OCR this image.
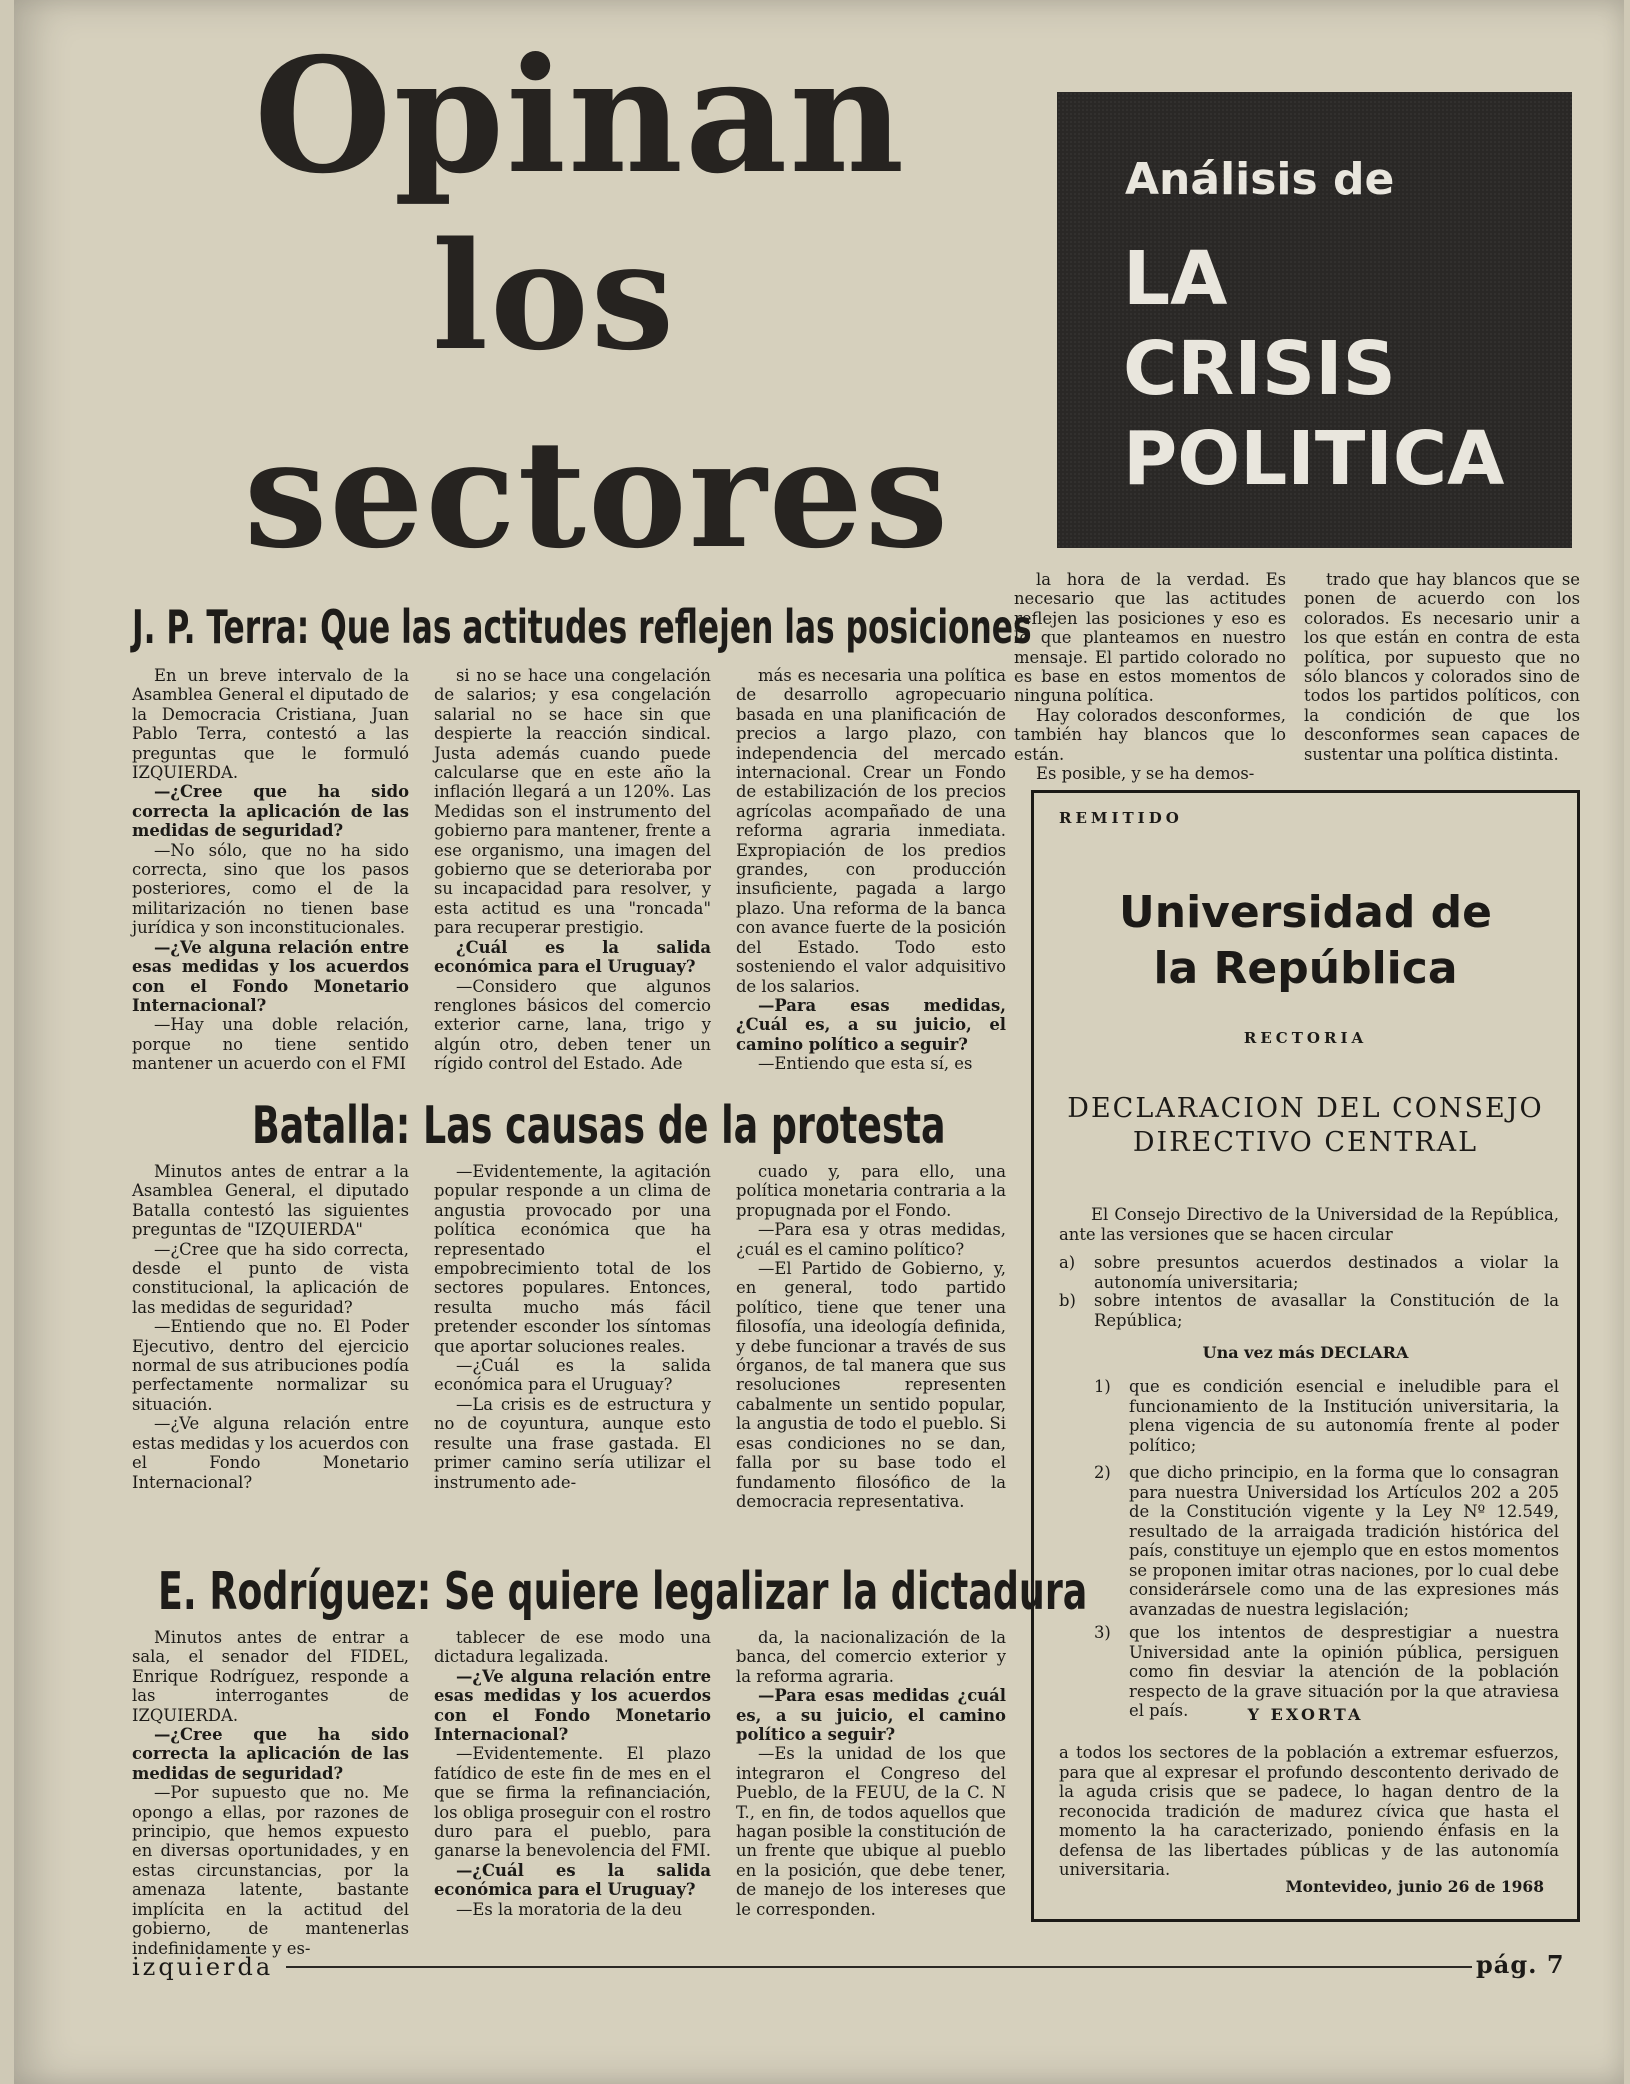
Opinan
los
sectores
Análisis de
LA
CRISIS
POLITICA
J. P. Terra: Que las actitudes reflejen las posiciones

En un breve intervalo de la Asamblea General el diputado de la Democracia Cristiana, Juan Pablo Terra, contestó a las preguntas que le formuló IZQUIERDA.

—¿Cree que ha sido correcta la aplicación de las medidas de seguridad?

—No sólo, que no ha sido correcta, sino que los pasos posteriores, como el de la militarización no tienen base jurídica y son inconstitucionales.

—¿Ve alguna relación entre esas medidas y los acuerdos con el Fondo Monetario Internacional?

—Hay una doble relación, porque no tiene sentido mantener un acuerdo con el FMI

si no se hace una congelación de salarios; y esa congelación salarial no se hace sin que despierte la reacción sindical. Justa además cuando puede calcularse que en este año la inflación llegará a un 120%. Las Medidas son el instrumento del gobierno para mantener, frente a ese organismo, una imagen del gobierno que se deterioraba por su incapacidad para resolver, y esta actitud es una "roncada" para recuperar prestigio.

¿Cuál es la salida económica para el Uruguay?

—Considero que algunos renglones básicos del comercio exterior carne, lana, trigo y algún otro, deben tener un rígido control del Estado. Ade

más es necesaria una política de desarrollo agropecuario basada en una planificación de precios a largo plazo, con independencia del mercado internacional. Crear un Fondo de estabilización de los precios agrícolas acompañado de una reforma agraria inmediata. Expropiación de los predios grandes, con producción insuficiente, pagada a largo plazo. Una reforma de la banca con avance fuerte de la posición del Estado. Todo esto sosteniendo el valor adquisitivo de los salarios.

—Para esas medidas, ¿Cuál es, a su juicio, el camino político a seguir?

—Entiendo que esta sí, es

la hora de la verdad. Es necesario que las actitudes reflejen las posiciones y eso es lo que planteamos en nuestro mensaje. El partido colorado no es base en estos momentos de ninguna política.

Hay colorados desconformes, también hay blancos que lo están.

Es posible, y se ha demos-

trado que hay blancos que se ponen de acuerdo con los colorados. Es necesario unir a los que están en contra de esta política, por supuesto que no sólo blancos y colorados sino de todos los partidos políticos, con la condición de que los desconformes sean capaces de sustentar una política distinta.

Batalla: Las causas de la protesta

Minutos antes de entrar a la Asamblea General, el diputado Batalla contestó las siguientes preguntas de "IZQUIERDA"

—¿Cree que ha sido correcta, desde el punto de vista constitucional, la aplicación de las medidas de seguridad?

—Entiendo que no. El Poder Ejecutivo, dentro del ejercicio normal de sus atribuciones podía perfectamente normalizar su situación.

—¿Ve alguna relación entre estas medidas y los acuerdos con el Fondo Monetario Internacional?

—Evidentemente, la agitación popular responde a un clima de angustia provocado por una política económica que ha representado el empobrecimiento total de los sectores populares. Entonces, resulta mucho más fácil pretender esconder los síntomas que aportar soluciones reales.

—¿Cuál es la salida económica para el Uruguay?

—La crisis es de estructura y no de coyuntura, aunque esto resulte una frase gastada. El primer camino sería utilizar el instrumento ade-

cuado y, para ello, una política monetaria contraria a la propugnada por el Fondo.

—Para esa y otras medidas, ¿cuál es el camino político?

—El Partido de Gobierno, y, en general, todo partido político, tiene que tener una filosofía, una ideología definida, y debe funcionar a través de sus órganos, de tal manera que sus resoluciones representen cabalmente un sentido popular, la angustia de todo el pueblo. Si esas condiciones no se dan, falla por su base todo el fundamento filosófico de la democracia representativa.

E. Rodríguez: Se quiere legalizar la dictadura

Minutos antes de entrar a sala, el senador del FIDEL, Enrique Rodríguez, responde a las interrogantes de IZQUIERDA.

—¿Cree que ha sido correcta la aplicación de las medidas de seguridad?

—Por supuesto que no. Me opongo a ellas, por razones de principio, que hemos expuesto en diversas oportunidades, y en estas circunstancias, por la amenaza latente, bastante implícita en la actitud del gobierno, de mantenerlas indefinidamente y es-

tablecer de ese modo una dictadura legalizada.

—¿Ve alguna relación entre esas medidas y los acuerdos con el Fondo Monetario Internacional?

—Evidentemente. El plazo fatídico de este fin de mes en el que se firma la refinanciación, los obliga proseguir con el rostro duro para el pueblo, para ganarse la benevolencia del FMI.

—¿Cuál es la salida económica para el Uruguay?

—Es la moratoria de la deu

da, la nacionalización de la banca, del comercio exterior y la reforma agraria.

—Para esas medidas ¿cuál es, a su juicio, el camino político a seguir?

—Es la unidad de los que integraron el Congreso del Pueblo, de la FEUU, de la C. N T., en fin, de todos aquellos que hagan posible la constitución de un frente que ubique al pueblo en la posición, que debe tener, de manejo de los intereses que le corresponden.

REMITIDO
Universidad de
la República
RECTORIA
DECLARACION DEL CONSEJO
DIRECTIVO CENTRAL
El Consejo Directivo de la Universidad de la República, ante las versiones que se hacen circular
a) sobre presuntos acuerdos destinados a violar la autonomía universitaria;
b) sobre intentos de avasallar la Constitución de la República;
Una vez más DECLARA
1) que es condición esencial e ineludible para el funcionamiento de la Institución universitaria, la plena vigencia de su autonomía frente al poder político;
2) que dicho principio, en la forma que lo consagran para nuestra Universidad los Artículos 202 a 205 de la Constitución vigente y la Ley Nº 12.549, resultado de la arraigada tradición histórica del país, constituye un ejemplo que en estos momentos se proponen imitar otras naciones, por lo cual debe considerársele como una de las expresiones más avanzadas de nuestra legislación;
3) que los intentos de desprestigiar a nuestra Universidad ante la opinión pública, persiguen como fin desviar la atención de la población respecto de la grave situación por la que atraviesa el país.	Y EXORTA
a todos los sectores de la población a extremar esfuerzos, para que al expresar el profundo descontento derivado de la aguda crisis que se padece, lo hagan dentro de la reconocida tradición de madurez cívica que hasta el momento la ha caracterizado, poniendo énfasis en la defensa de las libertades públicas y de las autonomía universitaria.
Montevideo, junio 26 de 1968
izquierda	pág. 7
